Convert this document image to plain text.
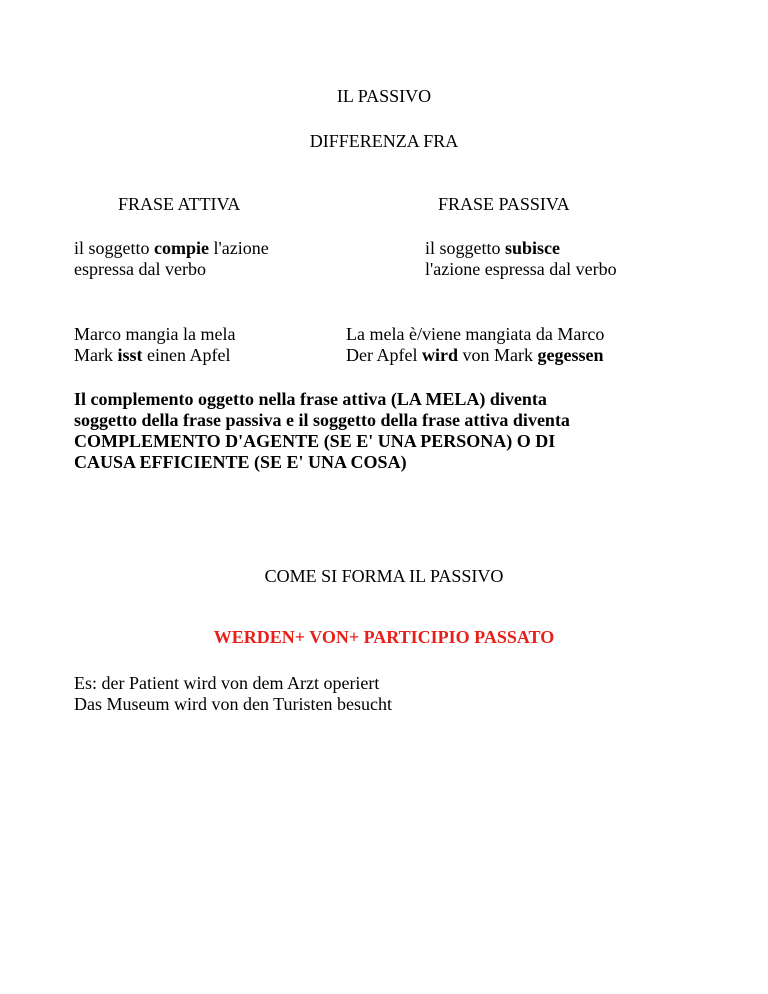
IL PASSIVO
DIFFERENZA FRA
FRASE ATTIVA	FRASE PASSIVA
il soggetto compie l'azione
espressa dal verbo
il soggetto subisce
l'azione espressa dal verbo
Marco mangia la mela
Mark isst einen Apfel
La mela è/viene mangiata da Marco
Der Apfel wird von Mark gegessen
Il complemento oggetto nella frase attiva (LA MELA) diventa
soggetto della frase passiva e il soggetto della frase attiva diventa
COMPLEMENTO D'AGENTE (SE E' UNA PERSONA) O DI
CAUSA EFFICIENTE (SE E' UNA COSA)
COME SI FORMA IL PASSIVO
WERDEN+ VON+ PARTICIPIO PASSATO
Es: der Patient wird von dem Arzt operiert
Das Museum wird von den Turisten besucht
